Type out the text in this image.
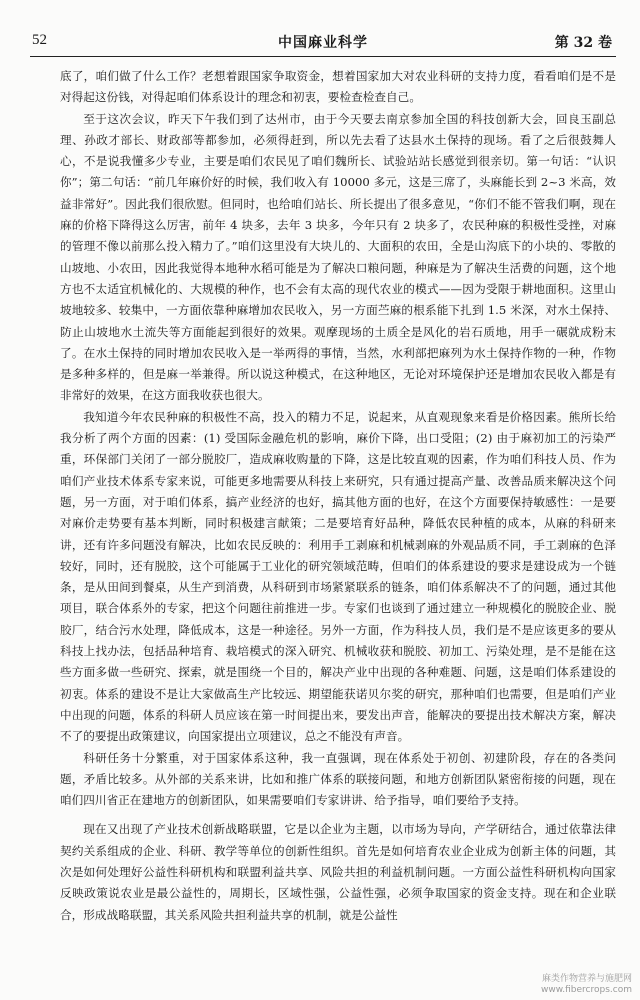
52	中国麻业科学	第 32 卷

底了，咱们做了什么工作？老想着跟国家争取资金，想着国家加大对农业科研的支持力度，看看咱们是不是对得起这份钱，对得起咱们体系设计的理念和初衷，要检查检查自己。

至于这次会议，昨天下午我们到了达州市，由于今天要去南京参加全国的科技创新大会，回良玉副总理、孙政才部长、财政部等都参加，必须得赶到，所以先去看了达县水土保持的现场。看了之后很鼓舞人心，不是说我懂多少专业，主要是咱们农民见了咱们魏所长、试验站站长感觉到很亲切。第一句话：“认识你”；第二句话：“前几年麻价好的时候，我们收入有 10000 多元，这是三席了，头麻能长到 2~3 米高，效益非常好”。因此我们很欣慰。但同时，也给咱们站长、所长提出了很多意见，“你们不能不管我们啊，现在麻的价格下降得这么厉害，前年 4 块多，去年 3 块多，今年只有 2 块多了，农民种麻的积极性受挫，对麻的管理不像以前那么投入精力了。”咱们这里没有大块儿的、大面积的农田，全是山沟底下的小块的、零散的山坡地、小农田，因此我觉得本地种水稻可能是为了解决口粮问题，种麻是为了解决生活费的问题，这个地方也不太适宜机械化的、大规模的种作，也不会有太高的现代农业的模式——因为受限于耕地面积。这里山坡地较多、较集中，一方面依靠种麻增加农民收入，另一方面苎麻的根系能下扎到 1.5 米深，对水土保持、防止山坡地水土流失等方面能起到很好的效果。观摩现场的土质全是风化的岩石质地，用手一碾就成粉末了。在水土保持的同时增加农民收入是一举两得的事情，当然，水利部把麻列为水土保持作物的一种，作物是多种多样的，但是麻一举兼得。所以说这种模式，在这种地区，无论对环境保护还是增加农民收入都是有非常好的效果，在这方面我收获也很大。

我知道今年农民种麻的积极性不高，投入的精力不足，说起来，从直观现象来看是价格因素。熊所长给我分析了两个方面的因素：(1) 受国际金融危机的影响，麻价下降，出口受阻；(2) 由于麻初加工的污染严重，环保部门关闭了一部分脱胶厂，造成麻收购量的下降，这是比较直观的因素，作为咱们科技人员、作为咱们产业技术体系专家来说，可能更多地需要从科技上来研究，只有通过提高产量、改善品质来解决这个问题，另一方面，对于咱们体系，搞产业经济的也好，搞其他方面的也好，在这个方面要保持敏感性：一是要对麻价走势要有基本判断，同时积极建言献策；二是要培育好品种，降低农民种植的成本，从麻的科研来讲，还有许多问题没有解决，比如农民反映的：利用手工剥麻和机械剥麻的外观品质不同，手工剥麻的色泽较好，同时，还有脱胶，这个可能属于工业化的研究领域范畴，但咱们的体系建设的要求是建设成为一个链条，是从田间到餐桌，从生产到消费，从科研到市场紧紧联系的链条，咱们体系解决不了的问题，通过其他项目，联合体系外的专家，把这个问题往前推进一步。专家们也谈到了通过建立一种规模化的脱胶企业、脱胶厂，结合污水处理，降低成本，这是一种途径。另外一方面，作为科技人员，我们是不是应该更多的要从科技上找办法，包括品种培育、栽培模式的深入研究、机械收获和脱胶、初加工、污染处理，是不是能在这些方面多做一些研究、探索，就是围绕一个目的，解决产业中出现的各种难题、问题，这是咱们体系建设的初衷。体系的建设不是让大家做高生产比较远、期望能获诺贝尔奖的研究，那种咱们也需要，但是咱们产业中出现的问题，体系的科研人员应该在第一时间提出来，要发出声音，能解决的要提出技术解决方案，解决不了的要提出政策建议，向国家提出立项建议，总之不能没有声音。

科研任务十分繁重，对于国家体系这种，我一直强调，现在体系处于初创、初建阶段，存在的各类问题，矛盾比较多。从外部的关系来讲，比如和推广体系的联接问题，和地方创新团队紧密衔接的问题，现在咱们四川省正在建地方的创新团队，如果需要咱们专家讲讲、给予指导，咱们要给予支持。

现在又出现了产业技术创新战略联盟，它是以企业为主题，以市场为导向，产学研结合，通过依靠法律契约关系组成的企业、科研、教学等单位的创新性组织。首先是如何培育农业企业成为创新主体的问题，其次是如何处理好公益性科研机构和联盟利益共享、风险共担的利益机制问题。一方面公益性科研机构向国家反映政策说农业是最公益性的，周期长，区域性强，公益性强，必须争取国家的资金支持。现在和企业联合，形成战略联盟，其关系风险共担利益共享的机制，就是公益性

麻类作物营养与施肥网
www.fibercrops.com
